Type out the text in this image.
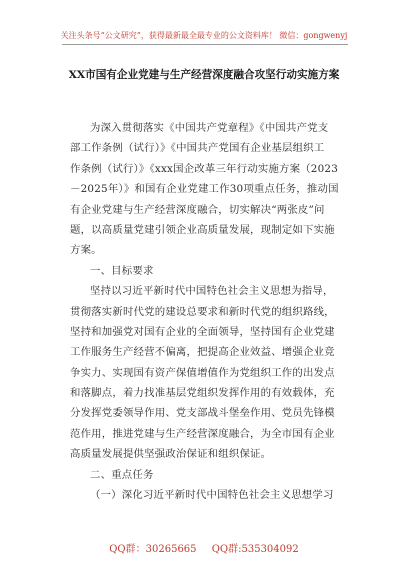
关注头条号“公文研究”，获得最新最全最专业的公文资料库！ 微信：gongwenyj
XX市国有企业党建与生产经营深度融合攻坚行动实施方案
为深入贯彻落实《中国共产党章程》《中国共产党支
部工作条例（试行）》《中国共产党国有企业基层组织工
作条例（试行）》《xxx国企改革三年行动实施方案（2023
－2025年）》和国有企业党建工作30项重点任务，推动国
有企业党建与生产经营深度融合，切实解决“两张皮”问
题，以高质量党建引领企业高质量发展，现制定如下实施
方案。
一、目标要求
坚持以习近平新时代中国特色社会主义思想为指导，
贯彻落实新时代党的建设总要求和新时代党的组织路线，
坚持和加强党对国有企业的全面领导，坚持国有企业党建
工作服务生产经营不偏离，把提高企业效益、增强企业竞
争实力、实现国有资产保值增值作为党组织工作的出发点
和落脚点，着力找准基层党组织发挥作用的有效载体，充
分发挥党委领导作用、党支部战斗堡垒作用、党员先锋模
范作用，推进党建与生产经营深度融合，为全市国有企业
高质量发展提供坚强政治保证和组织保证。
二、重点任务
（一）深化习近平新时代中国特色社会主义思想学习
QQ群：30265665 QQ群:535304092
